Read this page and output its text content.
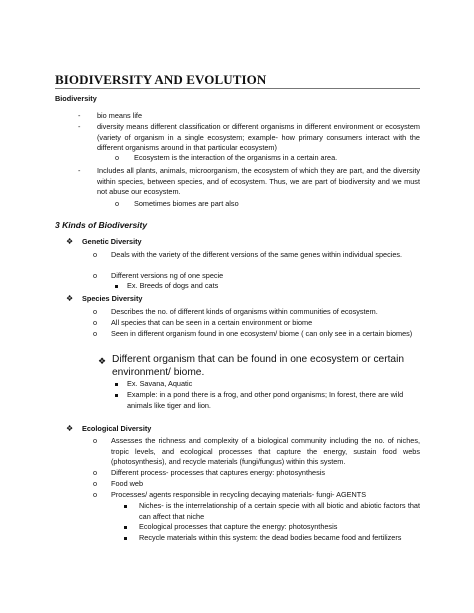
BIODIVERSITY AND EVOLUTION
Biodiversity
- bio means life
- diversity means different classification or different organisms in different environment or ecosystem (variety of organism in a single ecosystem; example- how primary consumers interact with the different organisms around in that particular ecosystem)
o Ecosystem is the interaction of the organisms in a certain area.
- Includes all plants, animals, microorganism, the ecosystem of which they are part, and the diversity within species, between species, and of ecosystem. Thus, we are part of biodiversity and we must not abuse our ecosystem.
o Sometimes biomes are part also
3 Kinds of Biodiversity
❖ Genetic Diversity
o Deals with the variety of the different versions of the same genes within individual species.
o Different versions ng of one specie
Ex. Breeds of dogs and cats
❖ Species Diversity
o Describes the no. of different kinds of organisms within communities of ecosystem.
o All species that can be seen in a certain environment or biome
o Seen in different organism found in one ecosystem/ biome ( can only see in a certain biomes)
❖ Different organism that can be found in one ecosystem or certain environment/ biome.
Ex. Savana, Aquatic
Example: in a pond there is a frog, and other pond organisms; In forest, there are wild animals like tiger and lion.
❖ Ecological Diversity
o Assesses the richness and complexity of a biological community including the no. of niches, tropic levels, and ecological processes that capture the energy, sustain food webs (photosynthesis), and recycle materials (fungi/fungus) within this system.
o Different process- processes that captures energy: photosynthesis
o Food web
o Processes/ agents responsible in recycling decaying materials- fungi- AGENTS
Niches- is the interrelationship of a certain specie with all biotic and abiotic factors that can affect that niche
Ecological processes that capture the energy: photosynthesis
Recycle materials within this system: the dead bodies became food and fertilizers
